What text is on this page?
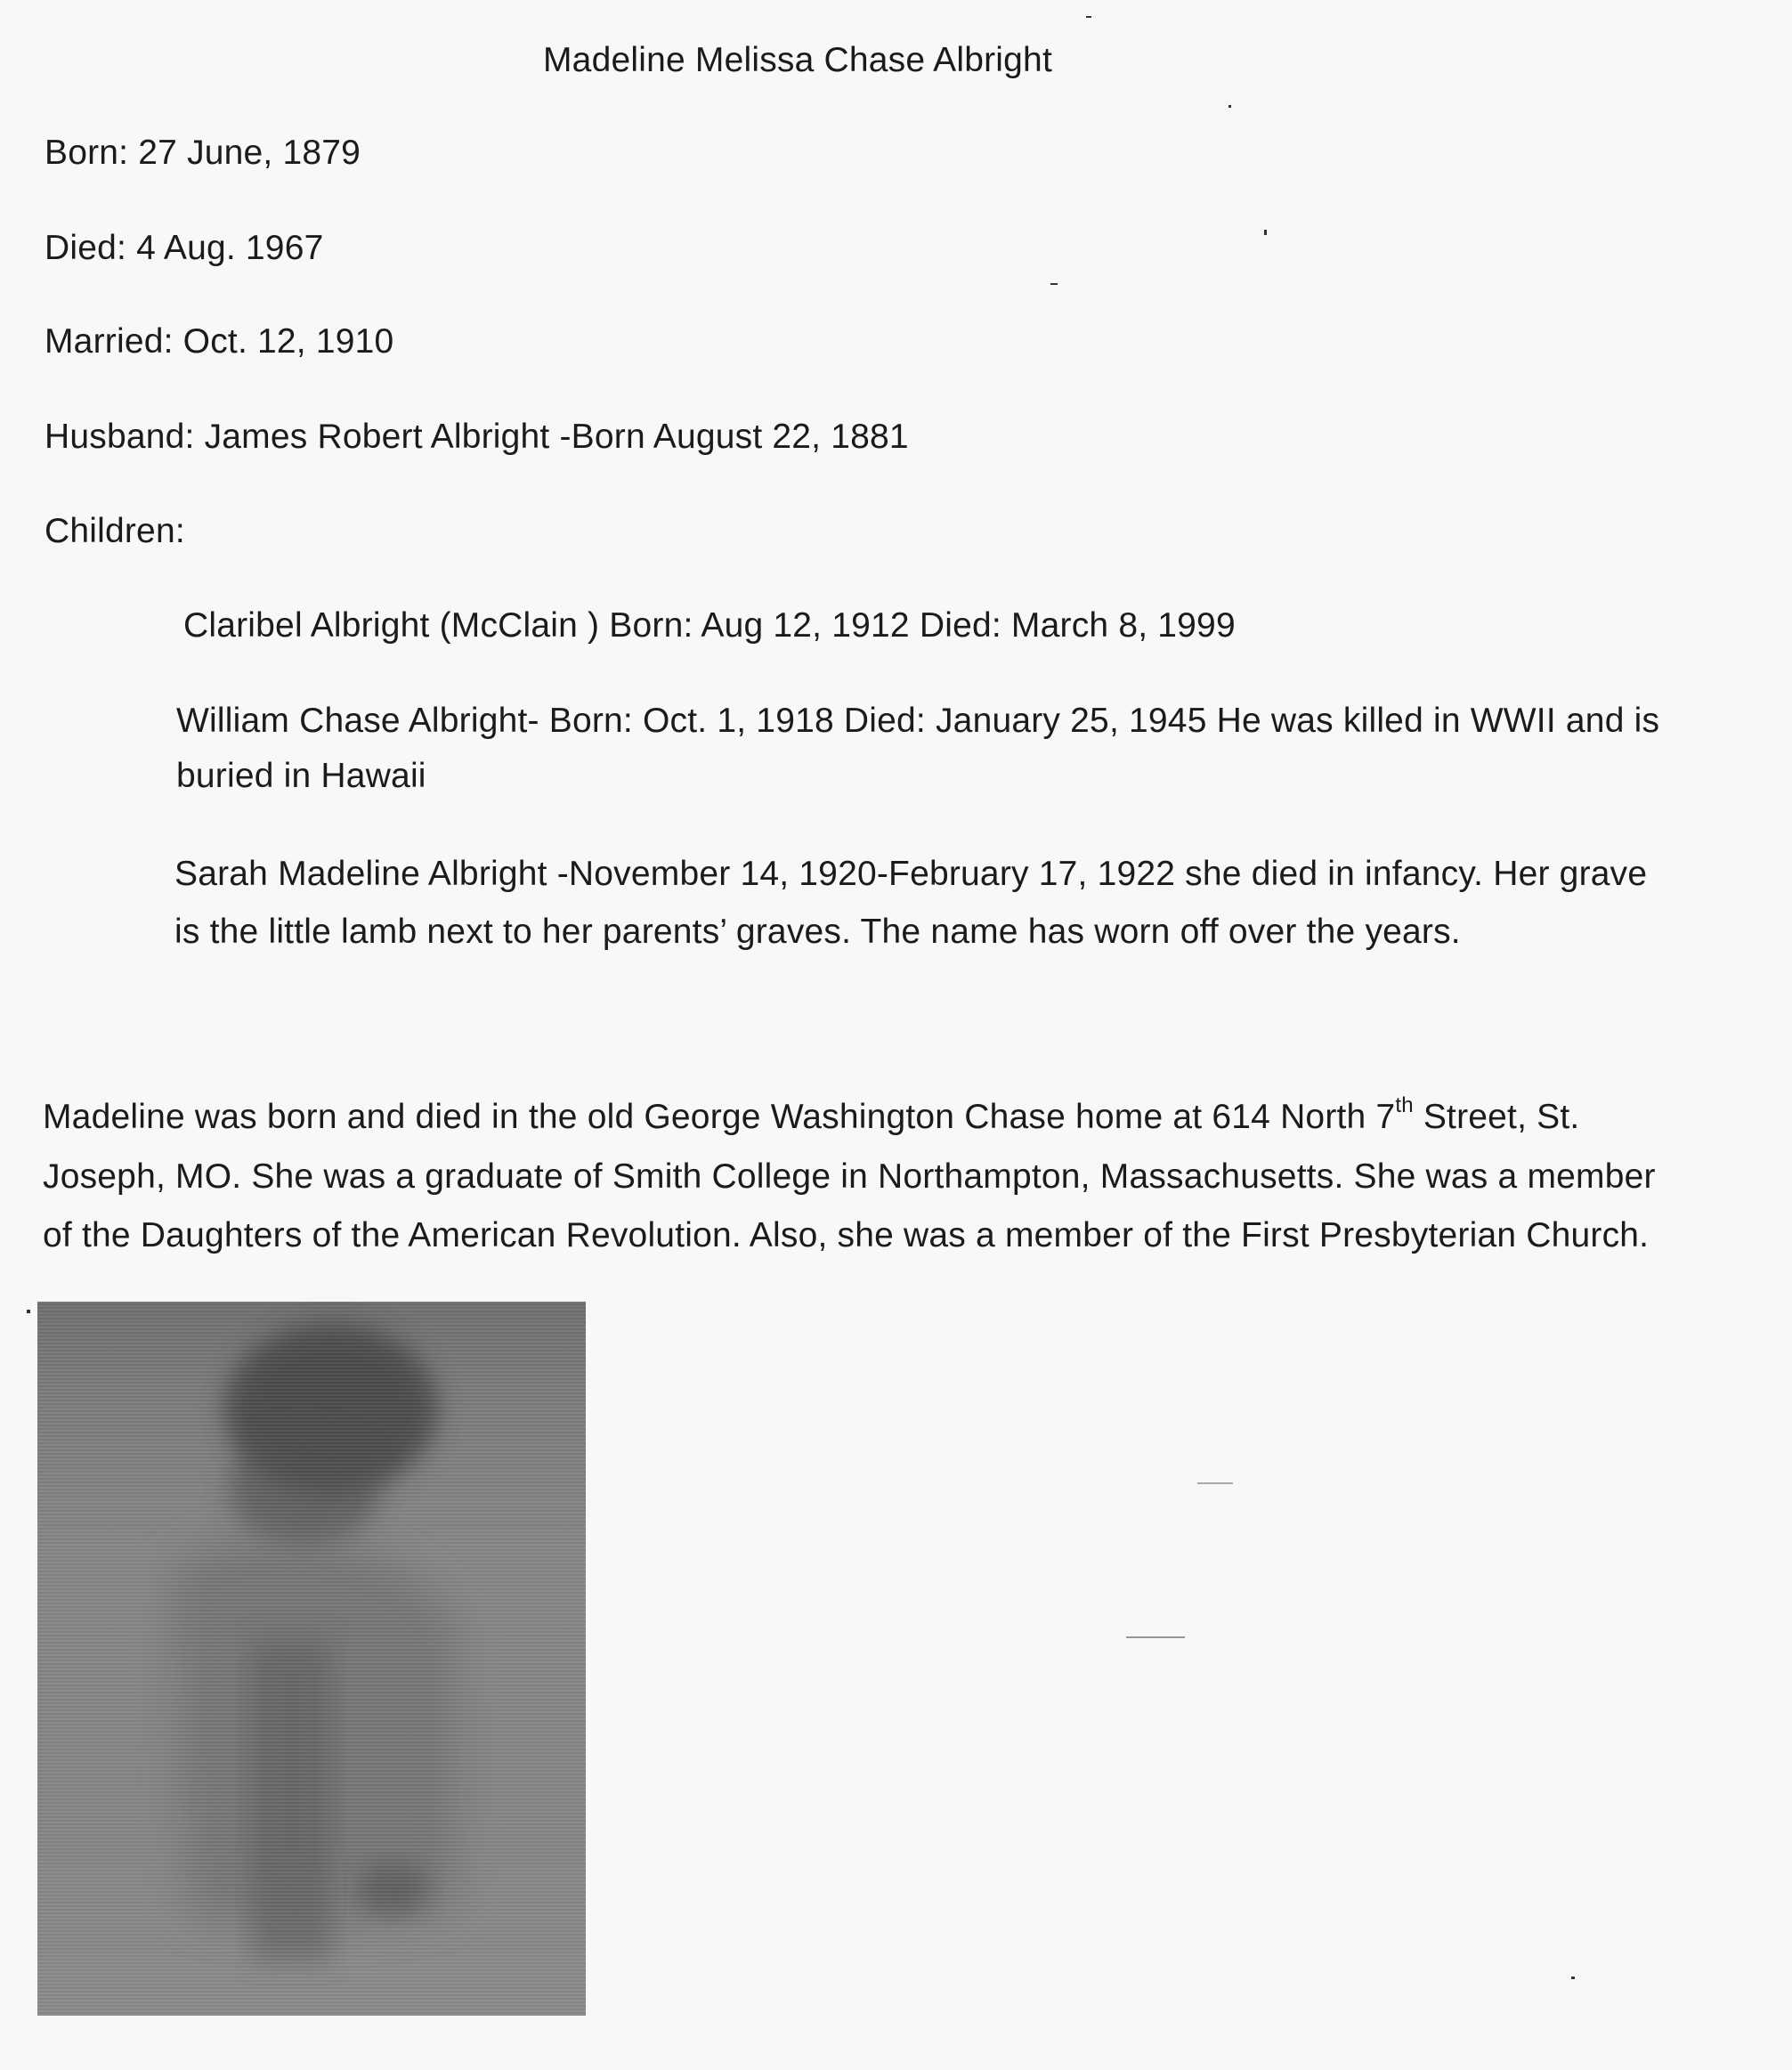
Madeline Melissa Chase Albright
Born: 27 June, 1879
Died: 4 Aug. 1967
Married: Oct. 12, 1910
Husband: James Robert Albright -Born August 22, 1881
Children:
Claribel Albright (McClain ) Born: Aug 12, 1912 Died: March 8, 1999
William Chase Albright- Born: Oct. 1, 1918 Died: January 25, 1945 He was killed in WWII and is
buried in Hawaii
Sarah Madeline Albright -November 14, 1920-February 17, 1922 she died in infancy. Her grave
is the little lamb next to her parents’ graves. The name has worn off over the years.
Madeline was born and died in the old George Washington Chase home at 614 North 7th Street, St.
Joseph, MO. She was a graduate of Smith College in Northampton, Massachusetts. She was a member
of the Daughters of the American Revolution. Also, she was a member of the First Presbyterian Church.
